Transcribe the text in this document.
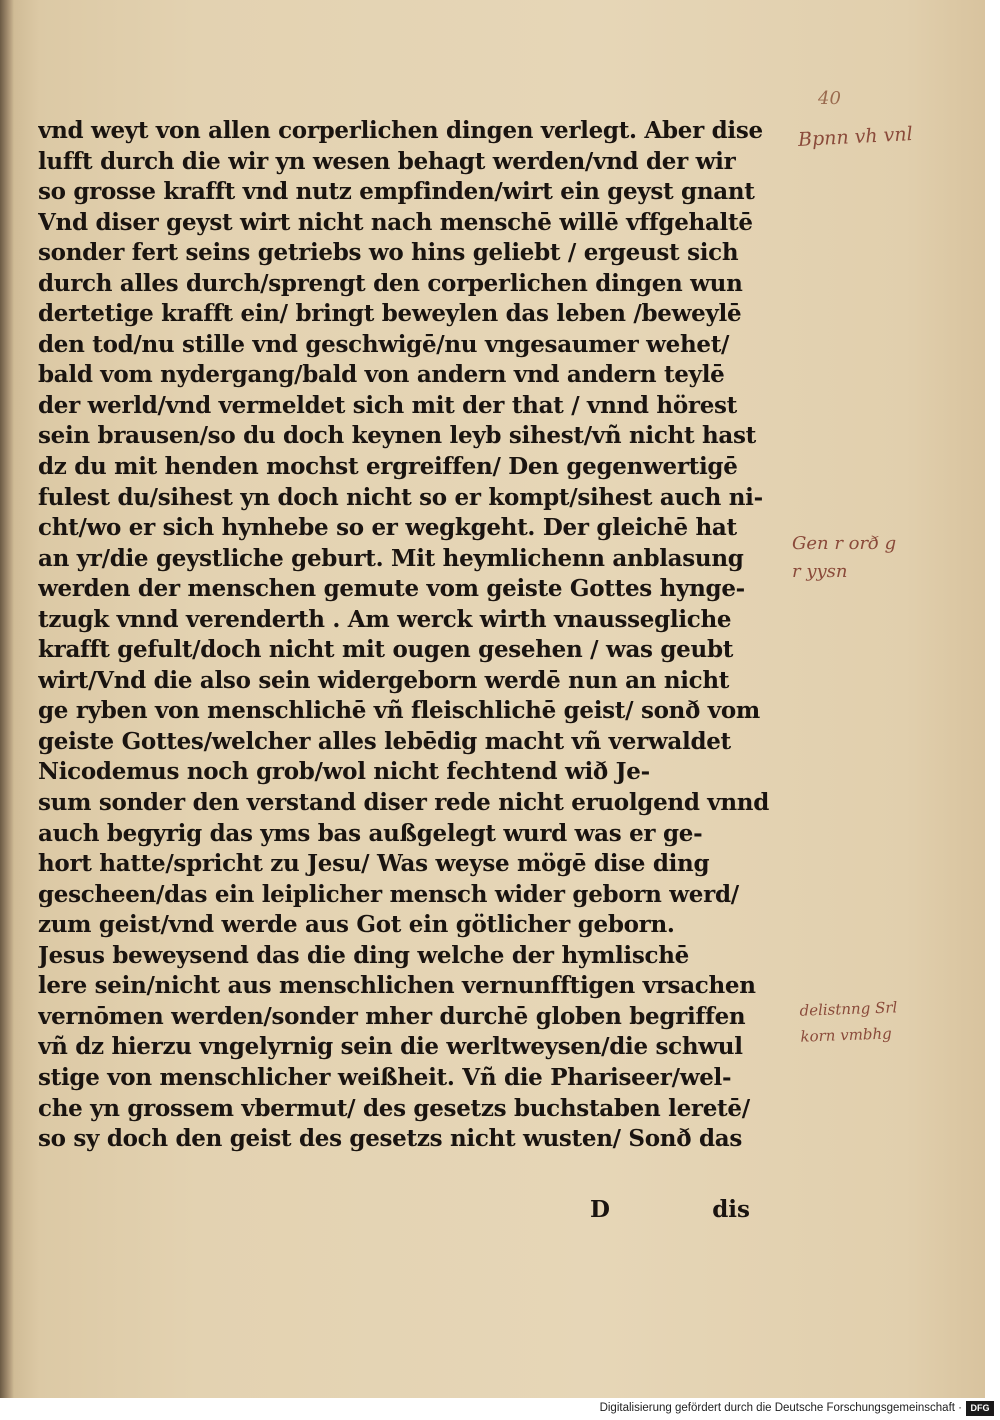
40
vnd weyt von allen corperlichen dingen verlegt. Aber dise
lufft durch die wir yn wesen behagt werden/vnd der wir
so grosse krafft vnd nutz empfinden/wirt ein geyst gnant
Vnd diser geyst wirt nicht nach menschē willē vffgehaltē
sonder fert seins getriebs wo hins geliebt / ergeust sich
durch alles durch/sprengt den corperlichen dingen wun
dertetige krafft ein/ bringt beweylen das leben /beweylē
den tod/nu stille vnd geschwigē/nu vngesaumer wehet/
bald vom nydergang/bald von andern vnd andern teylē
der werld/vnd vermeldet sich mit der that / vnnd hörest
sein brausen/so du doch keynen leyb sihest/vñ nicht hast
dz du mit henden mochst ergreiffen/ Den gegenwertigē
fulest du/sihest yn doch nicht so er kompt/sihest auch ni-
cht/wo er sich hynhebe so er wegkgeht. Der gleichē hat
an yr/die geystliche geburt. Mit heymlichenn anblasung
werden der menschen gemute vom geiste Gottes hynge-
tzugk vnnd verenderth . Am werck wirth vnaussegliche
krafft gefult/doch nicht mit ougen gesehen / was geubt
wirt/Vnd die also sein widergeborn werdē nun an nicht
ge ryben von menschlichē vñ fleischlichē geist/ sonð vom
geiste Gottes/welcher alles lebēdig macht vñ verwaldet
Nicodemus noch grob/wol nicht fechtend wið Je-
sum sonder den verstand diser rede nicht eruolgend vnnd
auch begyrig das yms bas außgelegt wurd was er ge-
hort hatte/spricht zu Jesu/ Was weyse mögē dise ding
gescheen/das ein leiplicher mensch wider geborn werd/
zum geist/vnd werde aus Got ein götlicher geborn.
Jesus beweysend das die ding welche der hymlischē
lere sein/nicht aus menschlichen vernunfftigen vrsachen
vernōmen werden/sonder mher durchē globen begriffen
vñ dz hierzu vngelyrnig sein die werltweysen/die schwul
stige von menschlicher weißheit. Vñ die Phariseer/wel-
che yn grossem vbermut/ des gesetzs buchstaben leretē/
so sy doch den geist des gesetzs nicht wusten/ Sonð das
D	dis
Bpnn vh vnl
Gen r orð g
r yysn
delistnng Srl
korn vmbhg
Digitalisierung gefördert durch die Deutsche Forschungsgemeinschaft · DFG
